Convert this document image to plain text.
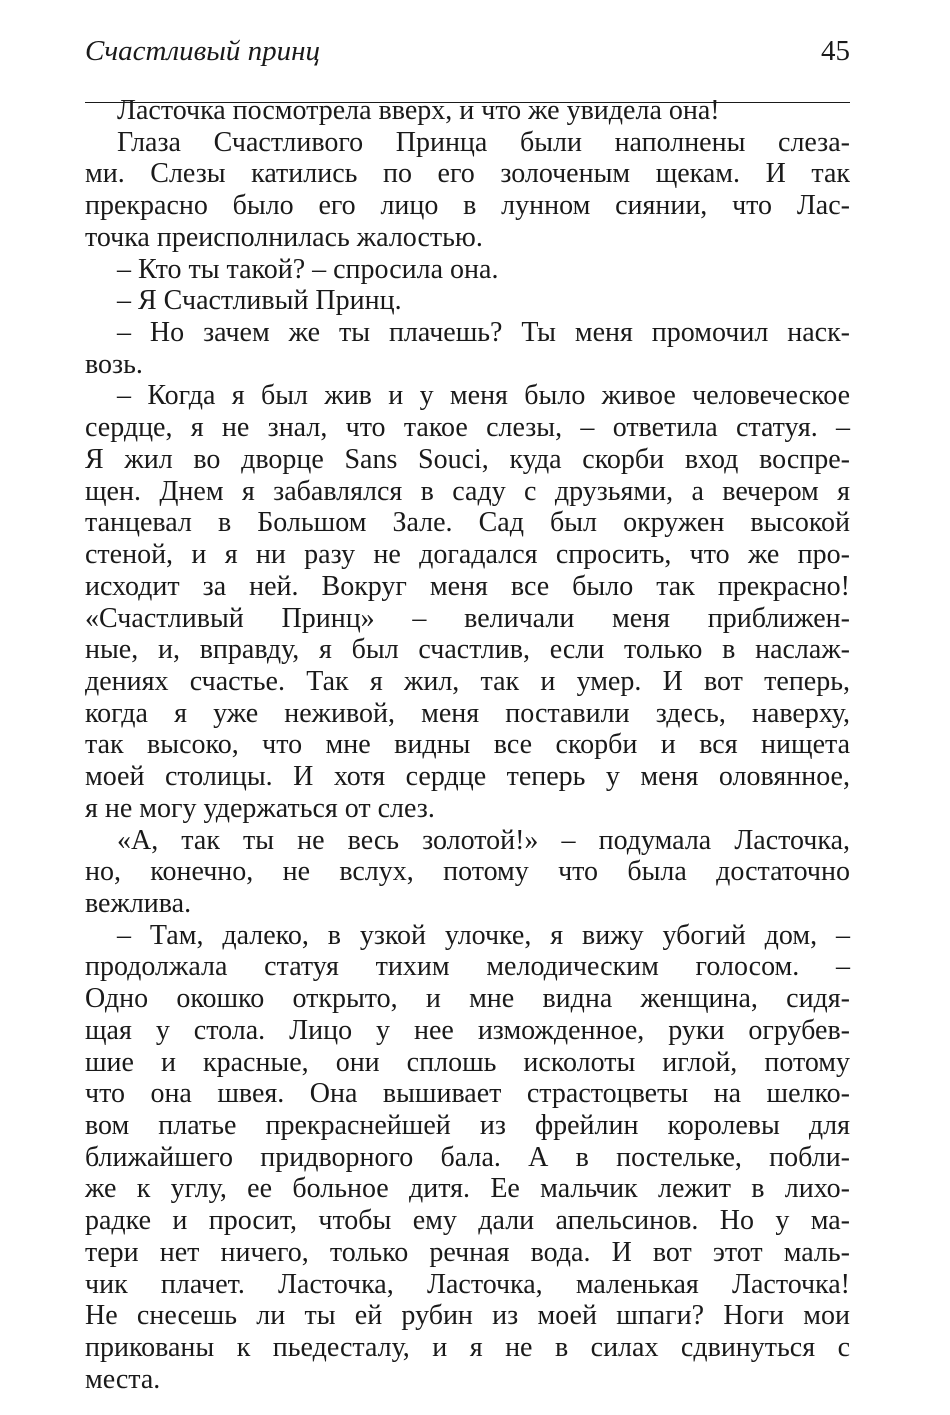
Счастливый принц	45
Ласточка посмотрела вверх, и что же увидела она!
Глаза Счастливого Принца были наполнены слеза-
ми. Слезы катились по его золоченым щекам. И так
прекрасно было его лицо в лунном сиянии, что Лас-
точка преисполнилась жалостью.
– Кто ты такой? – спросила она.
– Я Счастливый Принц.
– Но зачем же ты плачешь? Ты меня промочил наск-
возь.
– Когда я был жив и у меня было живое человеческое
сердце, я не знал, что такое слезы, – ответила статуя. –
Я жил во дворце Sans Souci, куда скорби вход воспре-
щен. Днем я забавлялся в саду с друзьями, а вечером я
танцевал в Большом Зале. Сад был окружен высокой
стеной, и я ни разу не догадался спросить, что же про-
исходит за ней. Вокруг меня все было так прекрасно!
«Счастливый Принц» – величали меня приближен-
ные, и, вправду, я был счастлив, если только в наслаж-
дениях счастье. Так я жил, так и умер. И вот теперь,
когда я уже неживой, меня поставили здесь, наверху,
так высоко, что мне видны все скорби и вся нищета
моей столицы. И хотя сердце теперь у меня оловянное,
я не могу удержаться от слез.
«А, так ты не весь золотой!» – подумала Ласточка,
но, конечно, не вслух, потому что была достаточно
вежлива.
– Там, далеко, в узкой улочке, я вижу убогий дом, –
продолжала статуя тихим мелодическим голосом. –
Одно окошко открыто, и мне видна женщина, сидя-
щая у стола. Лицо у нее изможденное, руки огрубев-
шие и красные, они сплошь исколоты иглой, потому
что она швея. Она вышивает страстоцветы на шелко-
вом платье прекраснейшей из фрейлин королевы для
ближайшего придворного бала. А в постельке, побли-
же к углу, ее больное дитя. Ее мальчик лежит в лихо-
радке и просит, чтобы ему дали апельсинов. Но у ма-
тери нет ничего, только речная вода. И вот этот маль-
чик плачет. Ласточка, Ласточка, маленькая Ласточка!
Не снесешь ли ты ей рубин из моей шпаги? Ноги мои
прикованы к пьедесталу, и я не в силах сдвинуться с
места.
